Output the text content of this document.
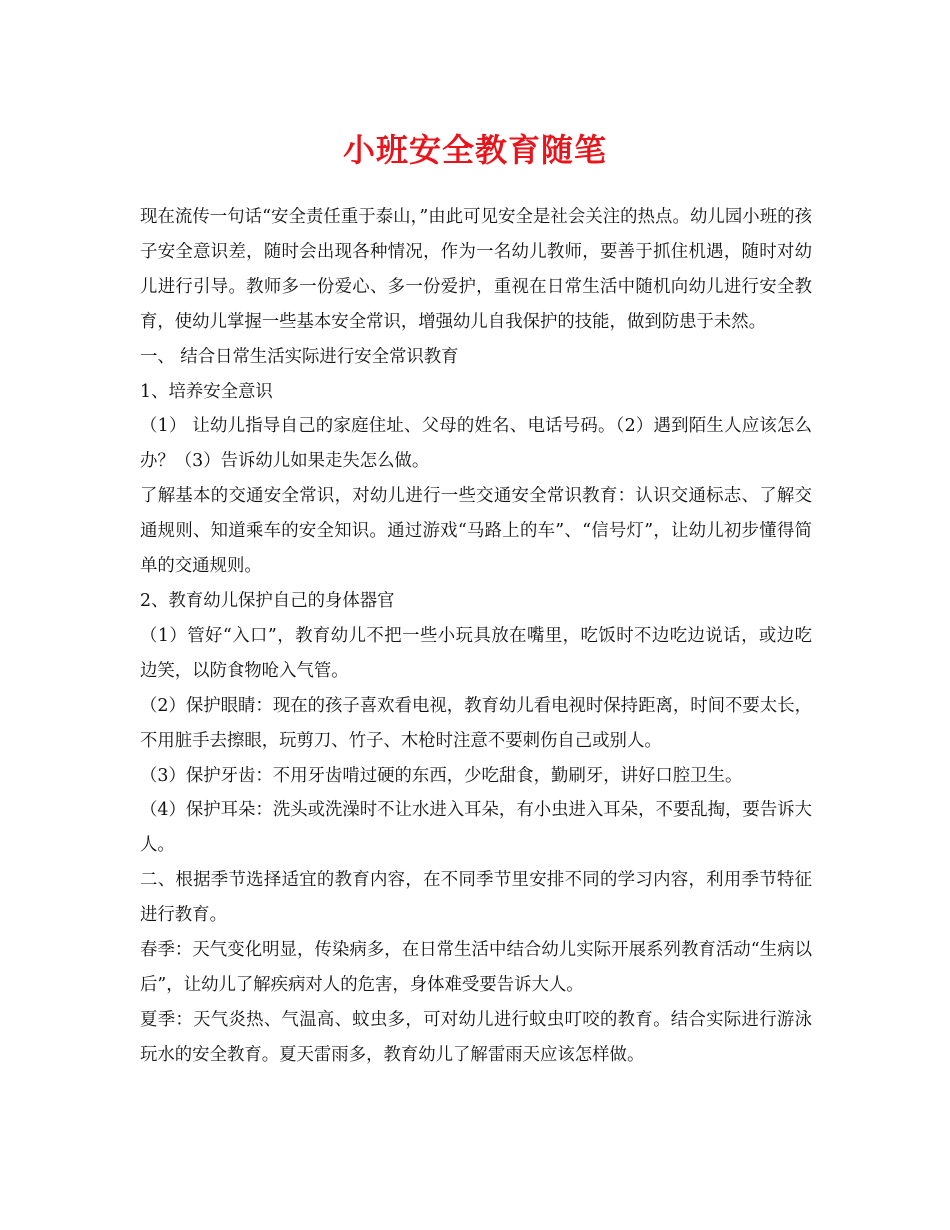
小班安全教育随笔

现在流传一句话“安全责任重于泰山，”由此可见安全是社会关注的热点。幼儿园小班的孩子安全意识差，随时会出现各种情况，作为一名幼儿教师，要善于抓住机遇，随时对幼儿进行引导。教师多一份爱心、多一份爱护，重视在日常生活中随机向幼儿进行安全教育，使幼儿掌握一些基本安全常识，增强幼儿自我保护的技能，做到防患于未然。

一、 结合日常生活实际进行安全常识教育

1、培养安全意识

（1） 让幼儿指导自己的家庭住址、父母的姓名、电话号码。（2）遇到陌生人应该怎么办？（3）告诉幼儿如果走失怎么做。

了解基本的交通安全常识，对幼儿进行一些交通安全常识教育：认识交通标志、了解交通规则、知道乘车的安全知识。通过游戏“马路上的车”、“信号灯”，让幼儿初步懂得简单的交通规则。

2、教育幼儿保护自己的身体器官

（1）管好“入口”，教育幼儿不把一些小玩具放在嘴里，吃饭时不边吃边说话，或边吃边笑，以防食物呛入气管。

（2）保护眼睛：现在的孩子喜欢看电视，教育幼儿看电视时保持距离，时间不要太长，不用脏手去擦眼，玩剪刀、竹子、木枪时注意不要刺伤自己或别人。

（3）保护牙齿：不用牙齿啃过硬的东西，少吃甜食，勤刷牙，讲好口腔卫生。

（4）保护耳朵：洗头或洗澡时不让水进入耳朵，有小虫进入耳朵，不要乱掏，要告诉大人。

二、根据季节选择适宜的教育内容，在不同季节里安排不同的学习内容，利用季节特征进行教育。

春季：天气变化明显，传染病多，在日常生活中结合幼儿实际开展系列教育活动“生病以后”，让幼儿了解疾病对人的危害，身体难受要告诉大人。

夏季：天气炎热、气温高、蚊虫多，可对幼儿进行蚊虫叮咬的教育。结合实际进行游泳玩水的安全教育。夏天雷雨多，教育幼儿了解雷雨天应该怎样做。
